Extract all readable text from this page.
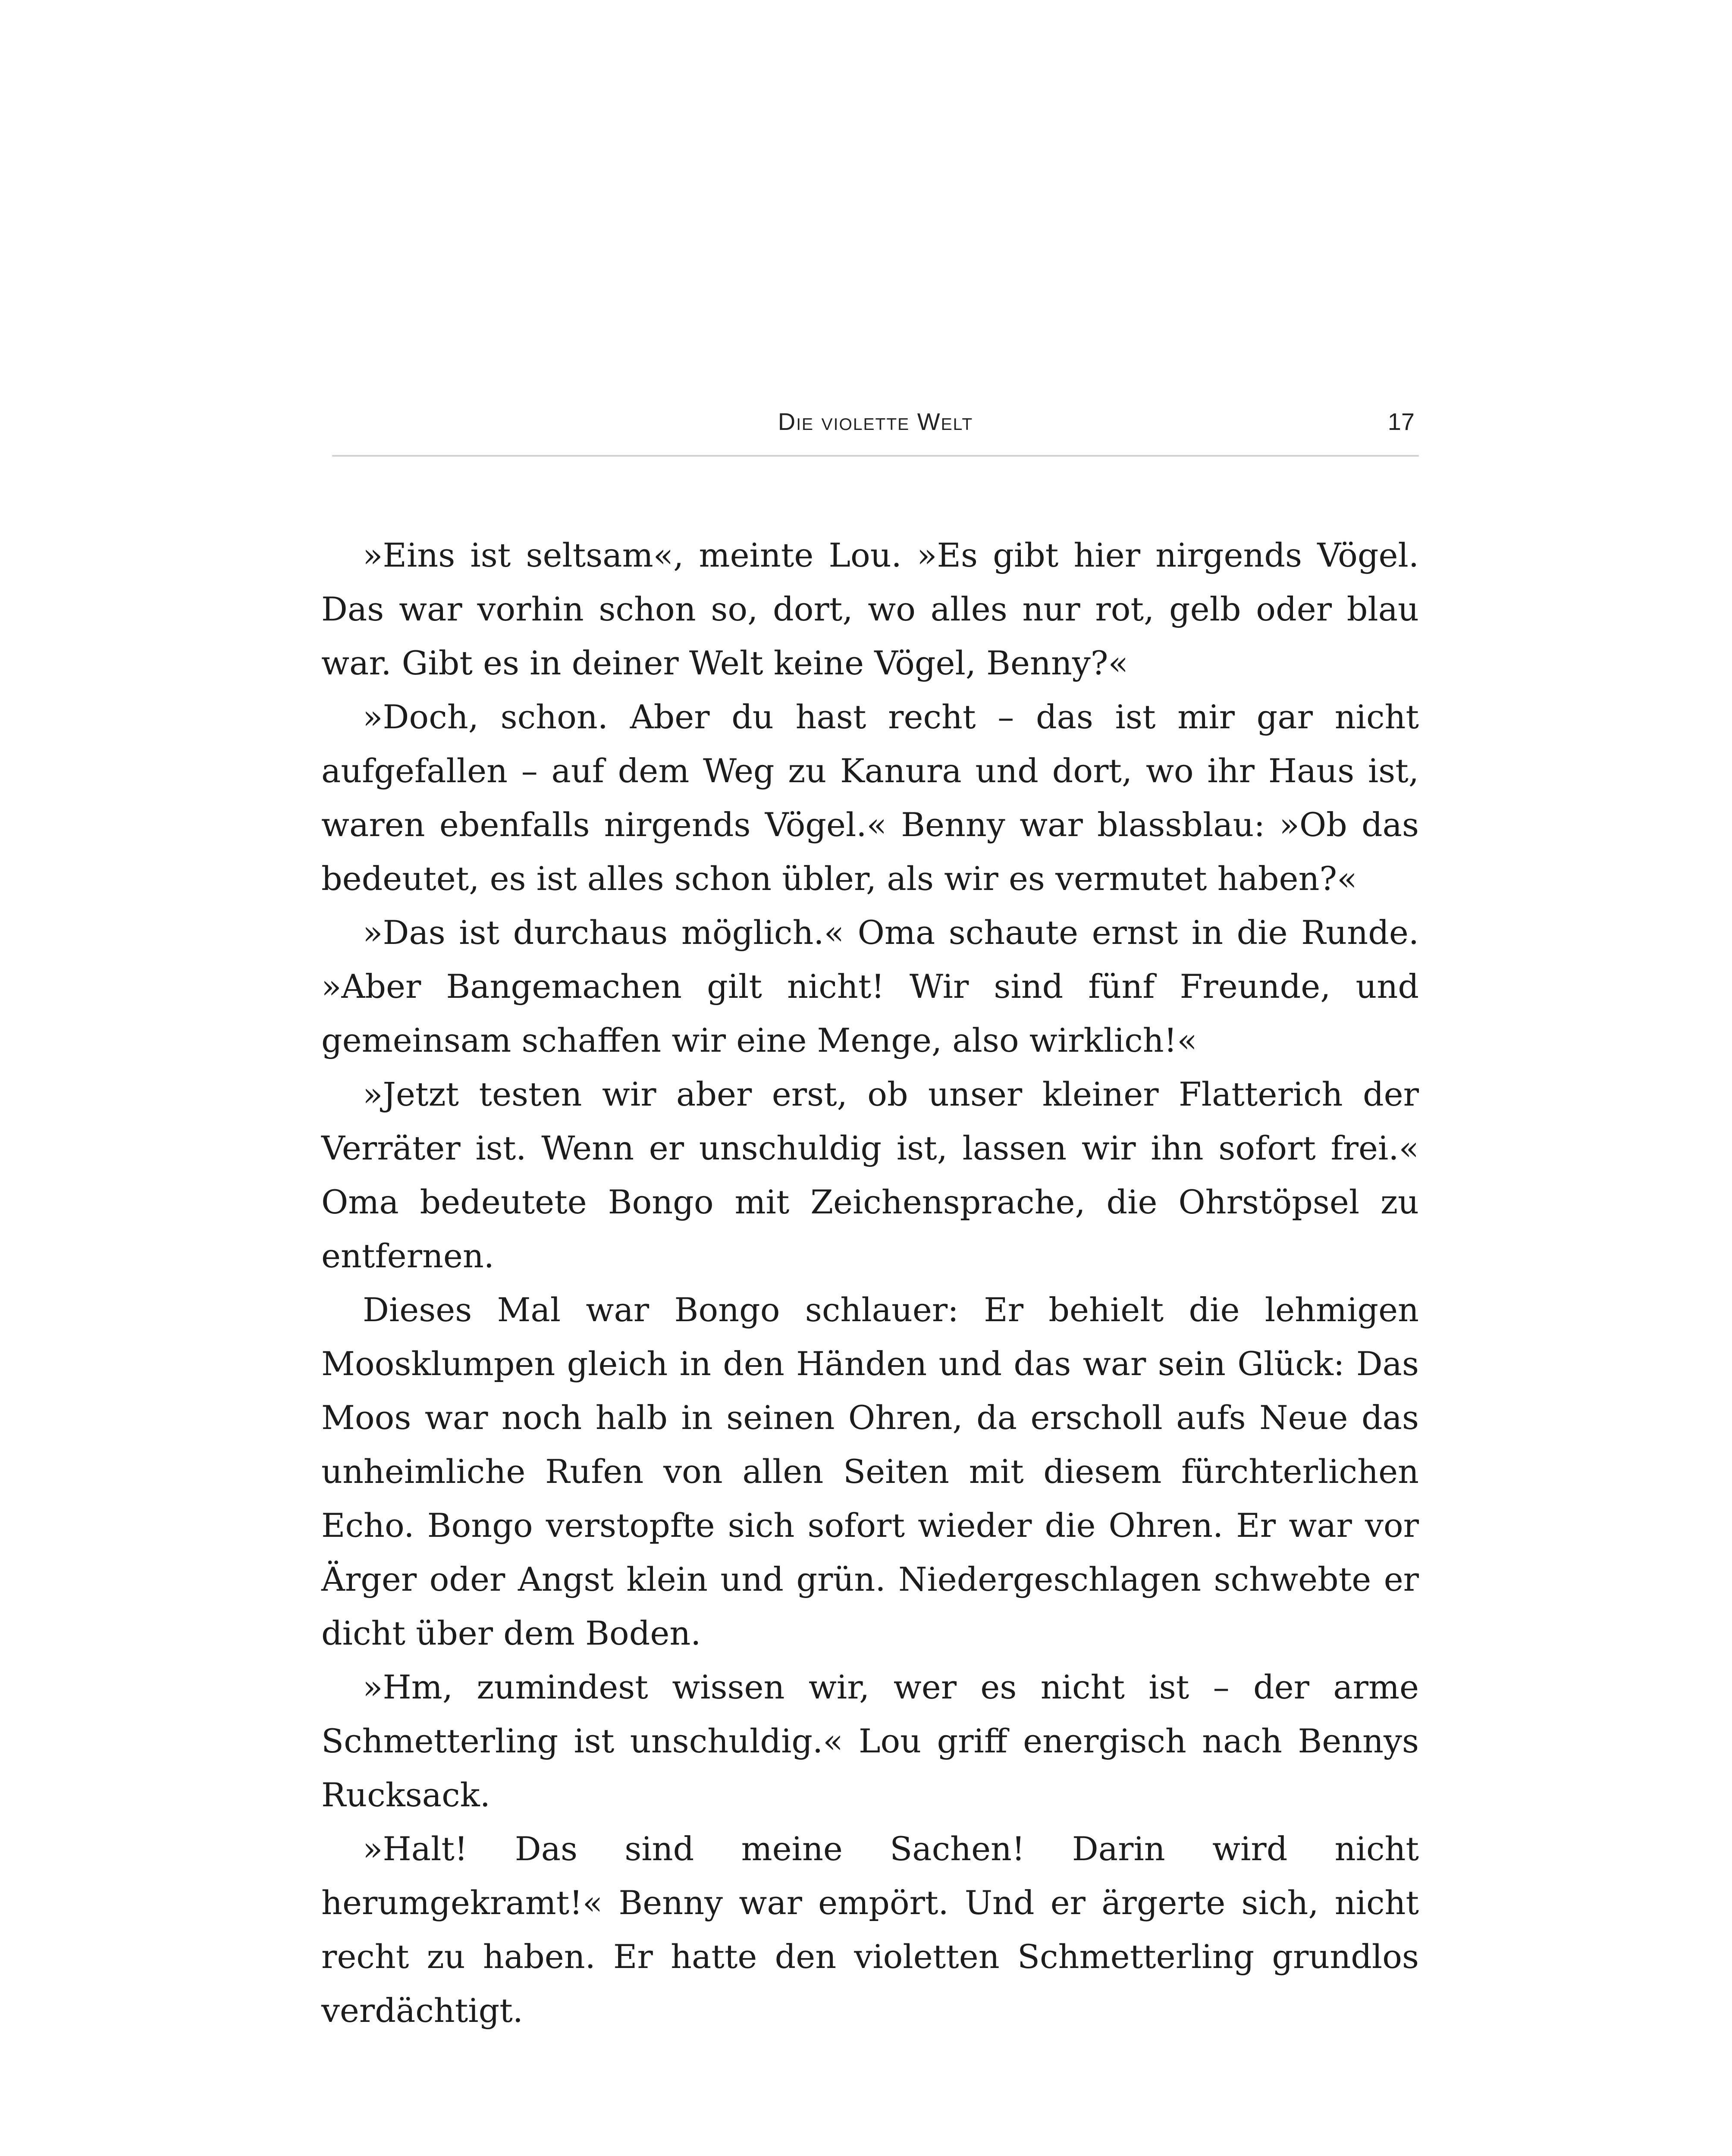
Die violette Welt	17

»Eins ist seltsam«, meinte Lou. »Es gibt hier nirgends Vögel. Das war vorhin schon so, dort, wo alles nur rot, gelb oder blau war. Gibt es in deiner Welt keine Vögel, Benny?«

»Doch, schon. Aber du hast recht – das ist mir gar nicht aufgefallen – auf dem Weg zu Kanura und dort, wo ihr Haus ist, waren ebenfalls nirgends Vögel.« Benny war blassblau: »Ob das bedeutet, es ist alles schon übler, als wir es vermutet haben?«

»Das ist durchaus möglich.« Oma schaute ernst in die Runde. »Aber Bangemachen gilt nicht! Wir sind fünf Freunde, und gemeinsam schaffen wir eine Menge, also wirklich!«

»Jetzt testen wir aber erst, ob unser kleiner Flatterich der Verräter ist. Wenn er unschuldig ist, lassen wir ihn sofort frei.« Oma bedeutete Bongo mit Zeichensprache, die Ohrstöpsel zu entfernen.

Dieses Mal war Bongo schlauer: Er behielt die lehmigen Moosklumpen gleich in den Händen und das war sein Glück: Das Moos war noch halb in seinen Ohren, da erscholl aufs Neue das unheimliche Rufen von allen Seiten mit diesem fürchterlichen Echo. Bongo verstopfte sich sofort wieder die Ohren. Er war vor Ärger oder Angst klein und grün. Niedergeschlagen schwebte er dicht über dem Boden.

»Hm, zumindest wissen wir, wer es nicht ist – der arme Schmetterling ist unschuldig.« Lou griff energisch nach Bennys Rucksack.

»Halt! Das sind meine Sachen! Darin wird nicht herumgekramt!« Benny war empört. Und er ärgerte sich, nicht recht zu haben. Er hatte den violetten Schmetterling grundlos verdächtigt.
